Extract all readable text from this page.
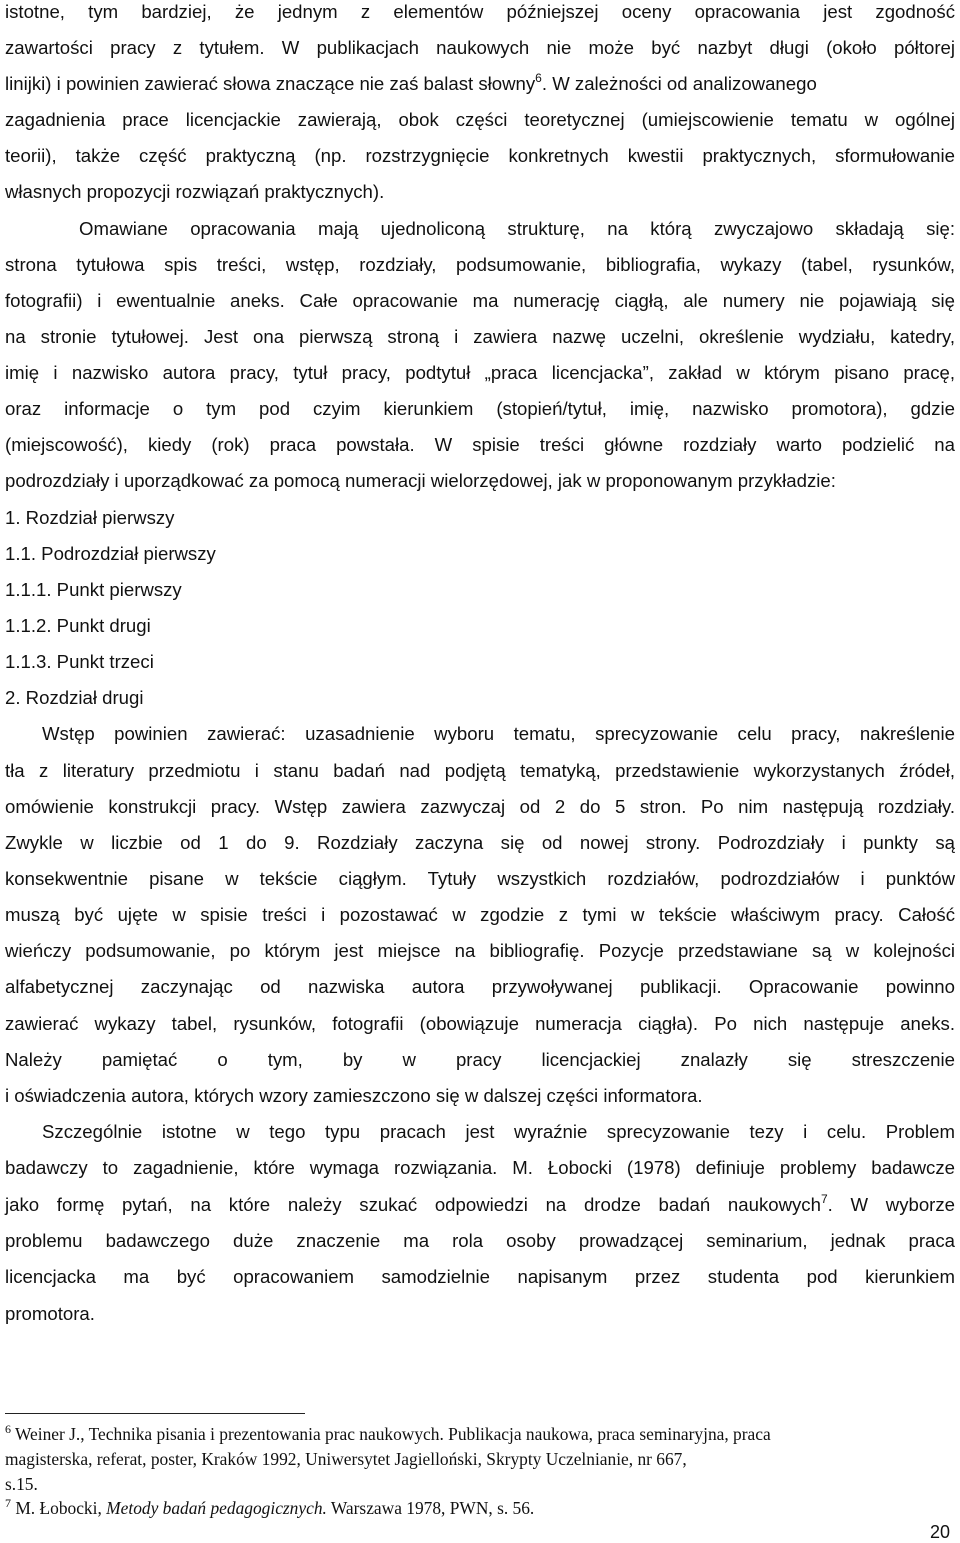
istotne, tym bardziej, że jednym z elementów późniejszej oceny opracowania jest zgodność
zawartości pracy z tytułem. W publikacjach naukowych nie może być nazbyt długi (około półtorej
linijki) i powinien zawierać słowa znaczące nie zaś balast słowny$^6$. W zależności od analizowanego
zagadnienia prace licencjackie zawierają, obok części teoretycznej (umiejscowienie tematu w ogólnej
teorii), także część praktyczną (np. rozstrzygnięcie konkretnych kwestii praktycznych, sformułowanie
własnych propozycji rozwiązań praktycznych).
Omawiane opracowania mają ujednoliconą strukturę, na którą zwyczajowo składają się:
strona tytułowa spis treści, wstęp, rozdziały, podsumowanie, bibliografia, wykazy (tabel, rysunków,
fotografii) i ewentualnie aneks. Całe opracowanie ma numerację ciągłą, ale numery nie pojawiają się
na stronie tytułowej. Jest ona pierwszą stroną i zawiera nazwę uczelni, określenie wydziału, katedry,
imię i nazwisko autora pracy, tytuł pracy, podtytuł „praca licencjacka”, zakład w którym pisano pracę,
oraz informacje o tym pod czyim kierunkiem (stopień/tytuł, imię, nazwisko promotora), gdzie
(miejscowość), kiedy (rok) praca powstała. W spisie treści główne rozdziały warto podzielić na
podrozdziały i uporządkować za pomocą numeracji wielorzędowej, jak w proponowanym przykładzie:
1. Rozdział pierwszy
1.1. Podrozdział pierwszy
1.1.1. Punkt pierwszy
1.1.2. Punkt drugi
1.1.3. Punkt trzeci
2. Rozdział drugi
Wstęp powinien zawierać: uzasadnienie wyboru tematu, sprecyzowanie celu pracy, nakreślenie
tła z literatury przedmiotu i stanu badań nad podjętą tematyką, przedstawienie wykorzystanych źródeł,
omówienie konstrukcji pracy. Wstęp zawiera zazwyczaj od 2 do 5 stron. Po nim następują rozdziały.
Zwykle w liczbie od 1 do 9. Rozdziały zaczyna się od nowej strony. Podrozdziały i punkty są
konsekwentnie pisane w tekście ciągłym. Tytuły wszystkich rozdziałów, podrozdziałów i punktów
muszą być ujęte w spisie treści i pozostawać w zgodzie z tymi w tekście właściwym pracy. Całość
wieńczy podsumowanie, po którym jest miejsce na bibliografię. Pozycje przedstawiane są w kolejności
alfabetycznej zaczynając od nazwiska autora przywoływanej publikacji. Opracowanie powinno
zawierać wykazy tabel, rysunków, fotografii (obowiązuje numeracja ciągła). Po nich następuje aneks.
Należy pamiętać o tym, by w pracy licencjackiej znalazły się streszczenie
i oświadczenia autora, których wzory zamieszczono się w dalszej części informatora.
Szczególnie istotne w tego typu pracach jest wyraźnie sprecyzowanie tezy i celu. Problem
badawczy to zagadnienie, które wymaga rozwiązania. M. Łobocki (1978) definiuje problemy badawcze
jako formę pytań, na które należy szukać odpowiedzi na drodze badań naukowych$^7$. W wyborze
problemu badawczego duże znaczenie ma rola osoby prowadzącej seminarium, jednak praca
licencjacka ma być opracowaniem samodzielnie napisanym przez studenta pod kierunkiem
promotora.
$^6$ Weiner J., Technika pisania i prezentowania prac naukowych. Publikacja naukowa, praca seminaryjna, praca
magisterska, referat, poster, Kraków 1992, Uniwersytet Jagielloński, Skrypty Uczelnianie, nr 667,
s.15.
$^7$ M. Łobocki, Metody badań pedagogicznych. Warszawa 1978, PWN, s. 56.
20
